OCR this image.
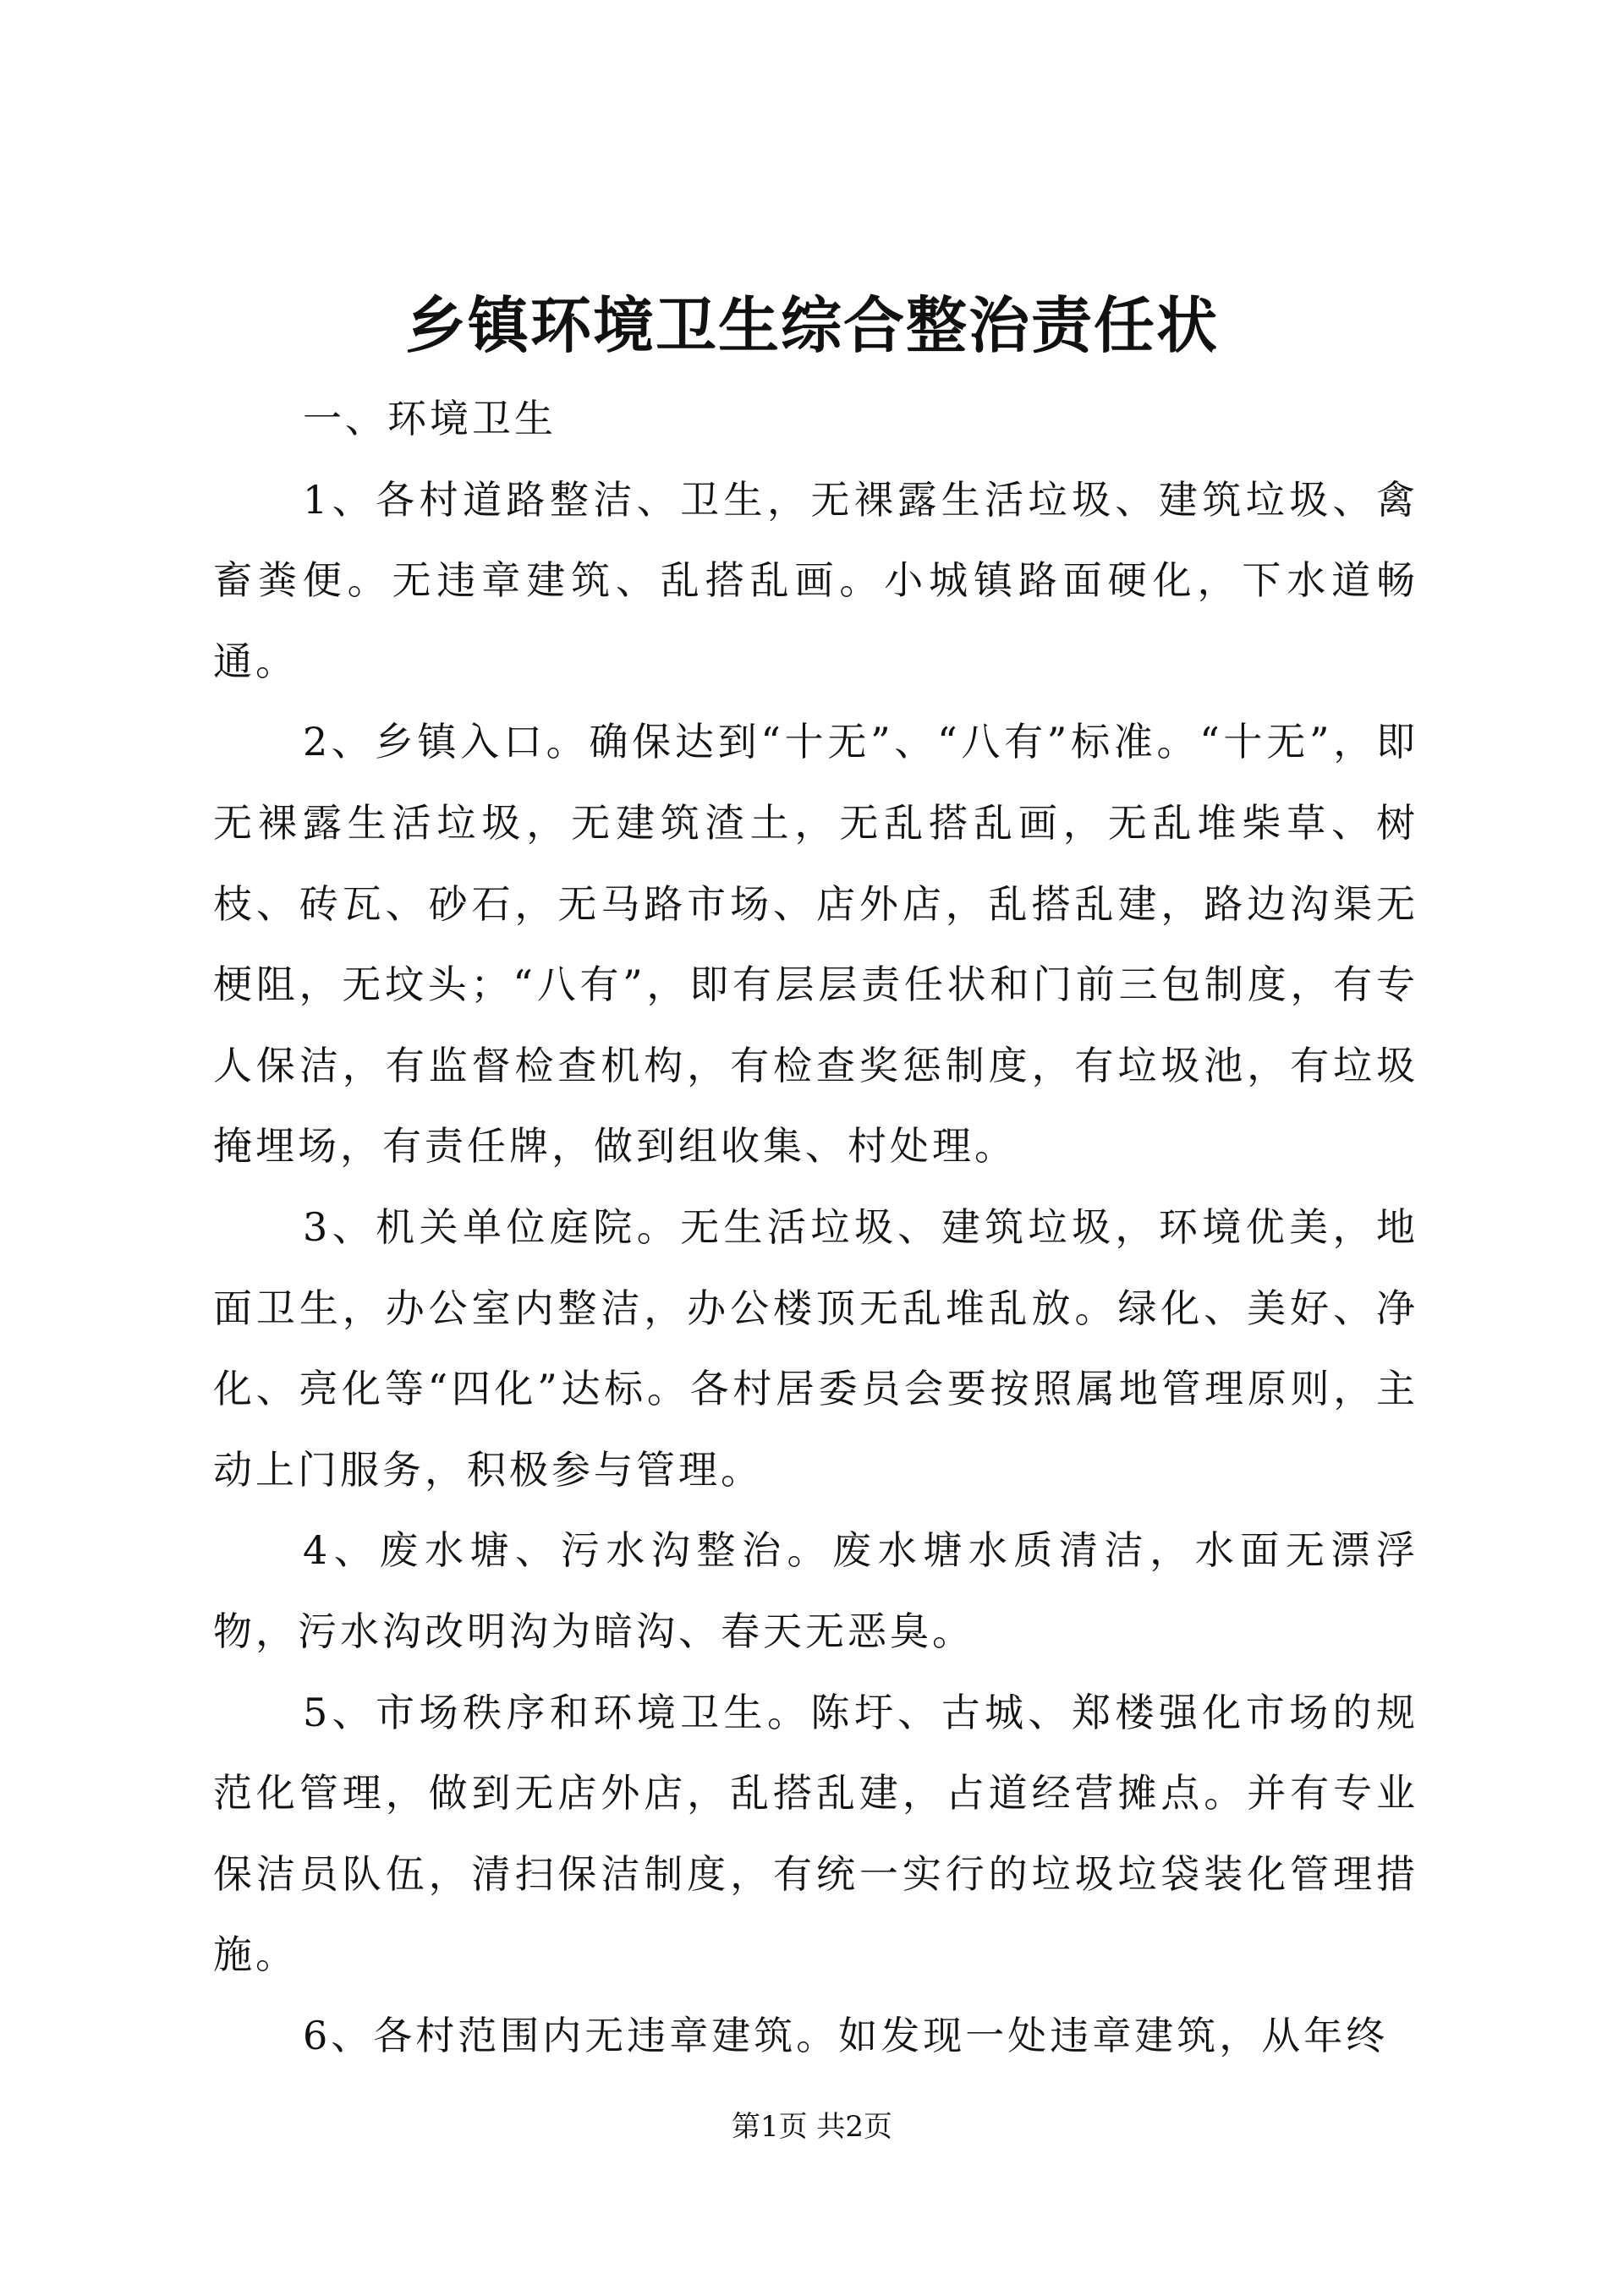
乡镇环境卫生综合整治责任状

一、环境卫生

1、各村道路整洁、卫生，无裸露生活垃圾、建筑垃圾、禽畜粪便。无违章建筑、乱搭乱画。小城镇路面硬化，下水道畅通。

2、乡镇入口。确保达到“十无”、“八有”标准。“十无”，即无裸露生活垃圾，无建筑渣土，无乱搭乱画，无乱堆柴草、树枝、砖瓦、砂石，无马路市场、店外店，乱搭乱建，路边沟渠无梗阻，无坟头；“八有”，即有层层责任状和门前三包制度，有专人保洁，有监督检查机构，有检查奖惩制度，有垃圾池，有垃圾掩埋场，有责任牌，做到组收集、村处理。

3、机关单位庭院。无生活垃圾、建筑垃圾，环境优美，地面卫生，办公室内整洁，办公楼顶无乱堆乱放。绿化、美好、净化、亮化等“四化”达标。各村居委员会要按照属地管理原则，主动上门服务，积极参与管理。

4、废水塘、污水沟整治。废水塘水质清洁，水面无漂浮物，污水沟改明沟为暗沟、春天无恶臭。

5、市场秩序和环境卫生。陈圩、古城、郑楼强化市场的规范化管理，做到无店外店，乱搭乱建，占道经营摊点。并有专业保洁员队伍，清扫保洁制度，有统一实行的垃圾垃袋装化管理措施。

6、各村范围内无违章建筑。如发现一处违章建筑，从年终

第1页 共2页
